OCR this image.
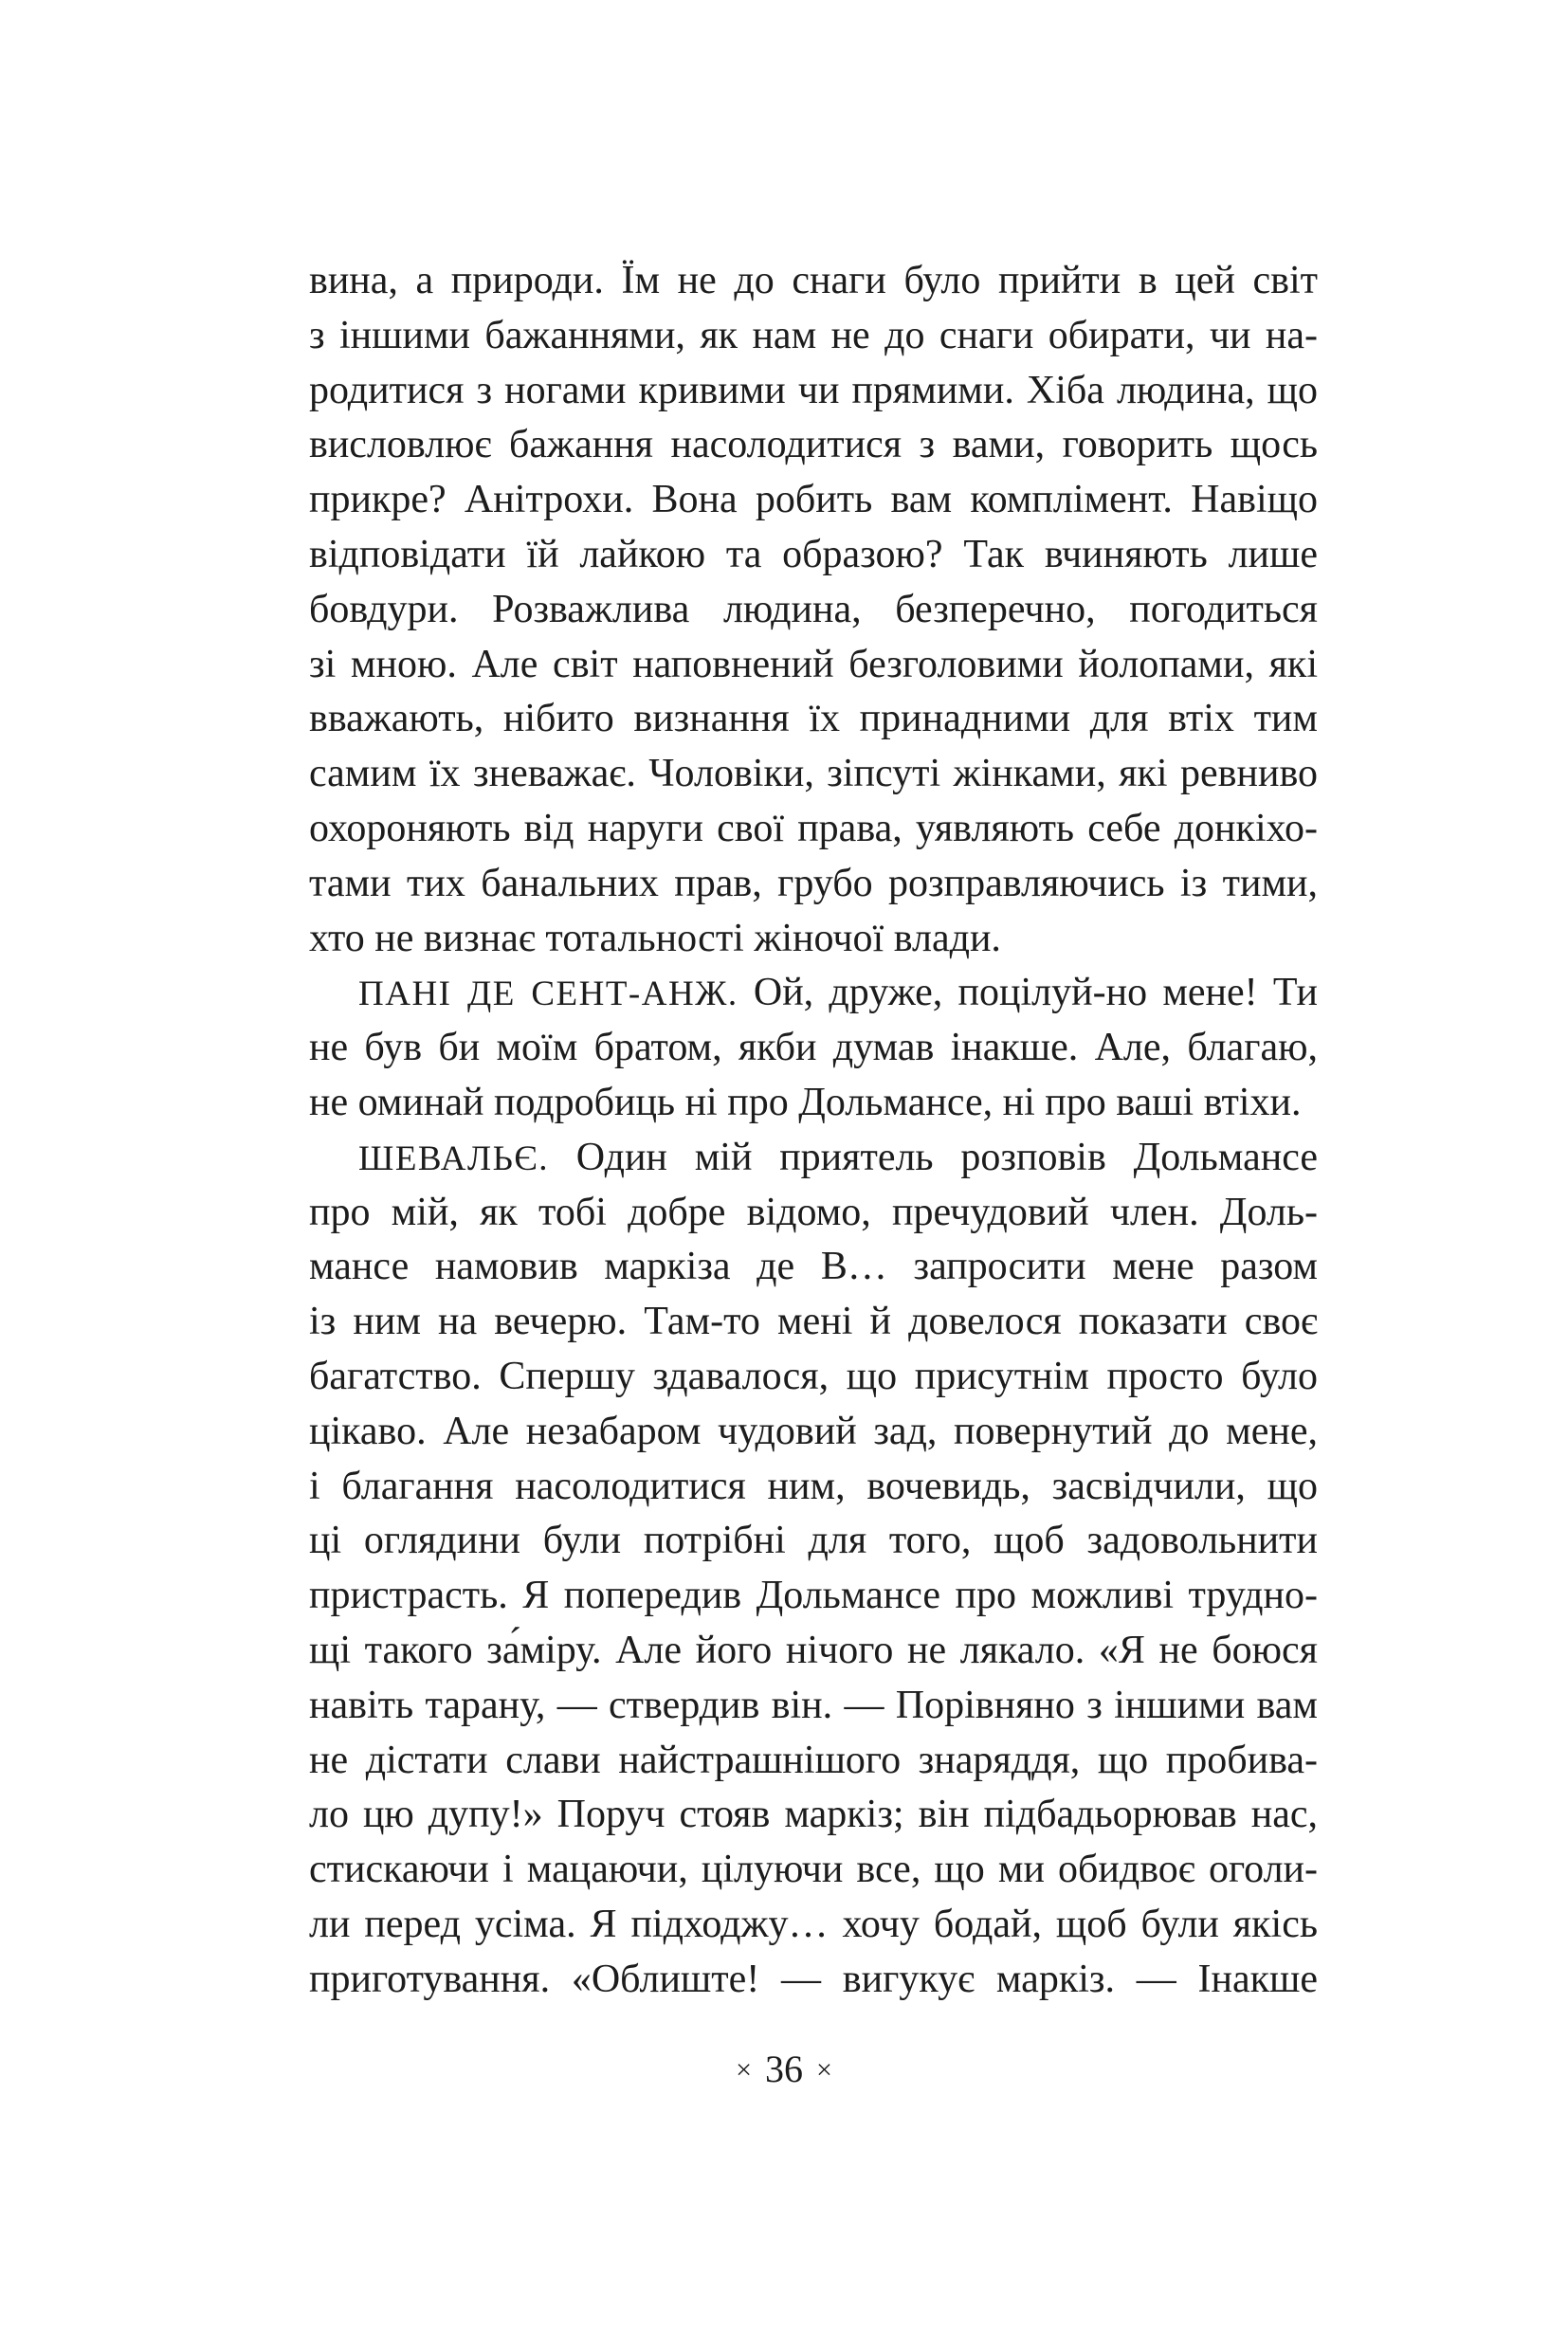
вина, а природи. Їм не до снаги було прийти в цей світ
з іншими бажаннями, як нам не до снаги обирати, чи на-
родитися з ногами кривими чи прямими. Хіба людина, що
висловлює бажання насолодитися з вами, говорить щось
прикре? Анітрохи. Вона робить вам комплімент. Навіщо
відповідати їй лайкою та образою? Так вчиняють лише
бовдури. Розважлива людина, безперечно, погодиться
зі мною. Але світ наповнений безголовими йолопами, які
вважають, нібито визнання їх принадними для втіх тим
самим їх зневажає. Чоловіки, зіпсуті жінками, які ревниво
охороняють від наруги свої права, уявляють себе донкіхо-
тами тих банальних прав, грубо розправляючись із тими,
хто не визнає тотальності жіночої влади.
ПАНІ ДЕ СЕНТ-АНЖ. Ой, друже, поцілуй-но мене! Ти
не був би моїм братом, якби думав інакше. Але, благаю,
не оминай подробиць ні про Дольмансе, ні про ваші втіхи.
ШЕВАЛЬЄ. Один мій приятель розповів Дольмансе
про мій, як тобі добре відомо, пречудовий член. Доль-
мансе намовив маркіза де В… запросити мене разом
із ним на вечерю. Там-то мені й довелося показати своє
багатство. Спершу здавалося, що присутнім просто було
цікаво. Але незабаром чудовий зад, повернутий до мене,
і благання насолодитися ним, вочевидь, засвідчили, що
ці оглядини були потрібні для того, щоб задовольнити
пристрасть. Я попередив Дольмансе про можливі трудно-
щі такого за́міру. Але його нічого не лякало. «Я не боюся
навіть тарану, — ствердив він. — Порівняно з іншими вам
не дістати слави найстрашнішого знаряддя, що пробива-
ло цю дупу!» Поруч стояв маркіз; він підбадьорював нас,
стискаючи і мацаючи, цілуючи все, що ми обидвоє оголи-
ли перед усіма. Я підходжу… хочу бодай, щоб були якісь
приготування. «Облиште! — вигукує маркіз. — Інакше
× 36 ×
